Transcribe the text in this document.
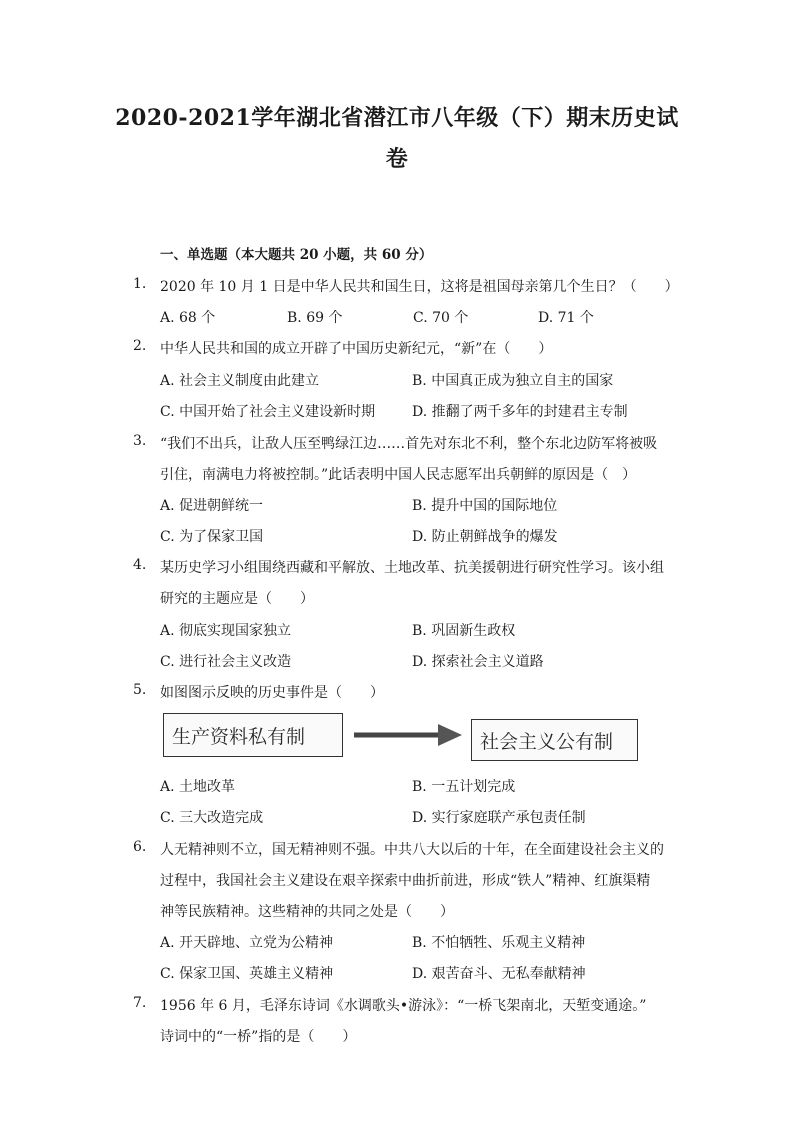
2020-2021学年湖北省潜江市八年级（下）期末历史试
卷
一、单选题（本大题共 20 小题，共 60 分）
1. 2020 年 10 月 1 日是中华人民共和国生日，这将是祖国母亲第几个生日？（　　）
A. 68 个	B. 69 个	C. 70 个	D. 71 个
2. 中华人民共和国的成立开辟了中国历史新纪元，“新”在（　　）
A. 社会主义制度由此建立	B. 中国真正成为独立自主的国家
C. 中国开始了社会主义建设新时期	D. 推翻了两千多年的封建君主专制
3. “我们不出兵，让敌人压至鸭绿江边……首先对东北不利，整个东北边防军将被吸
引住，南满电力将被控制。”此话表明中国人民志愿军出兵朝鲜的原因是（　）
A. 促进朝鲜统一	B. 提升中国的国际地位
C. 为了保家卫国	D. 防止朝鲜战争的爆发
4. 某历史学习小组围绕西藏和平解放、土地改革、抗美援朝进行研究性学习。该小组
研究的主题应是（　　）
A. 彻底实现国家独立	B. 巩固新生政权
C. 进行社会主义改造	D. 探索社会主义道路
5. 如图图示反映的历史事件是（　　）
生产资料私有制	社会主义公有制
A. 土地改革	B. 一五计划完成
C. 三大改造完成	D. 实行家庭联产承包责任制
6. 人无精神则不立，国无精神则不强。中共八大以后的十年，在全面建设社会主义的
过程中，我国社会主义建设在艰辛探索中曲折前进，形成“铁人”精神、红旗渠精
神等民族精神。这些精神的共同之处是（　　）
A. 开天辟地、立党为公精神	B. 不怕牺牲、乐观主义精神
C. 保家卫国、英雄主义精神	D. 艰苦奋斗、无私奉献精神
7. 1956 年 6 月，毛泽东诗词《水调歌头•游泳》：“一桥飞架南北，天堑变通途。”
诗词中的“一桥”指的是（　　）
